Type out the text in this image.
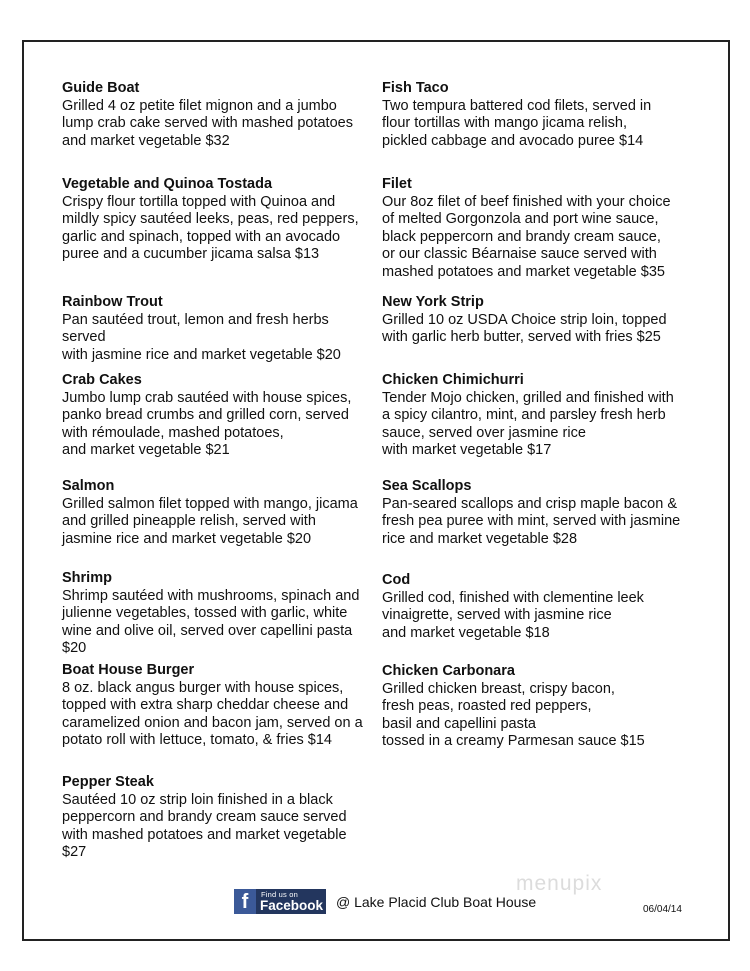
Guide Boat

Grilled 4 oz petite filet mignon and a jumbo
lump crab cake served with mashed potatoes
and market vegetable $32

Vegetable and Quinoa Tostada

Crispy flour tortilla topped with Quinoa and
mildly spicy sautéed leeks, peas, red peppers,
garlic and spinach, topped with an avocado
puree and a cucumber jicama salsa $13

Rainbow Trout

Pan sautéed trout, lemon and fresh herbs served
with jasmine rice and market vegetable $20

Crab Cakes

Jumbo lump crab sautéed with house spices,
panko bread crumbs and grilled corn, served
with rémoulade, mashed potatoes,
and market vegetable $21

Salmon

Grilled salmon filet topped with mango, jicama
and grilled pineapple relish, served with
jasmine rice and market vegetable $20

Shrimp

Shrimp sautéed with mushrooms, spinach and
julienne vegetables, tossed with garlic, white
wine and olive oil, served over capellini pasta $20

Boat House Burger

8 oz. black angus burger with house spices,
topped with extra sharp cheddar cheese and
caramelized onion and bacon jam, served on a
potato roll with lettuce, tomato, & fries $14

Pepper Steak

Sautéed 10 oz strip loin finished in a black
peppercorn and brandy cream sauce served
with mashed potatoes and market vegetable $27

Fish Taco

Two tempura battered cod filets, served in
flour tortillas with mango jicama relish,
pickled cabbage and avocado puree $14

Filet

Our 8oz filet of beef finished with your choice
of melted Gorgonzola and port wine sauce,
black peppercorn and brandy cream sauce,
or our classic Béarnaise sauce served with
mashed potatoes and market vegetable $35

New York Strip

Grilled 10 oz USDA Choice strip loin, topped
with garlic herb butter, served with fries $25

Chicken Chimichurri

Tender Mojo chicken, grilled and finished with
a spicy cilantro, mint, and parsley fresh herb
sauce, served over jasmine rice
with market vegetable $17

Sea Scallops

Pan-seared scallops and crisp maple bacon &
fresh pea puree with mint, served with jasmine
rice and market vegetable $28

Cod

Grilled cod, finished with clementine leek
vinaigrette, served with jasmine rice
and market vegetable $18

Chicken Carbonara

Grilled chicken breast, crispy bacon,
fresh peas, roasted red peppers,
basil and capellini pasta
tossed in a creamy Parmesan sauce $15

menupix
f	Find us on
Facebook @ Lake Placid Club Boat House	06/04/14
